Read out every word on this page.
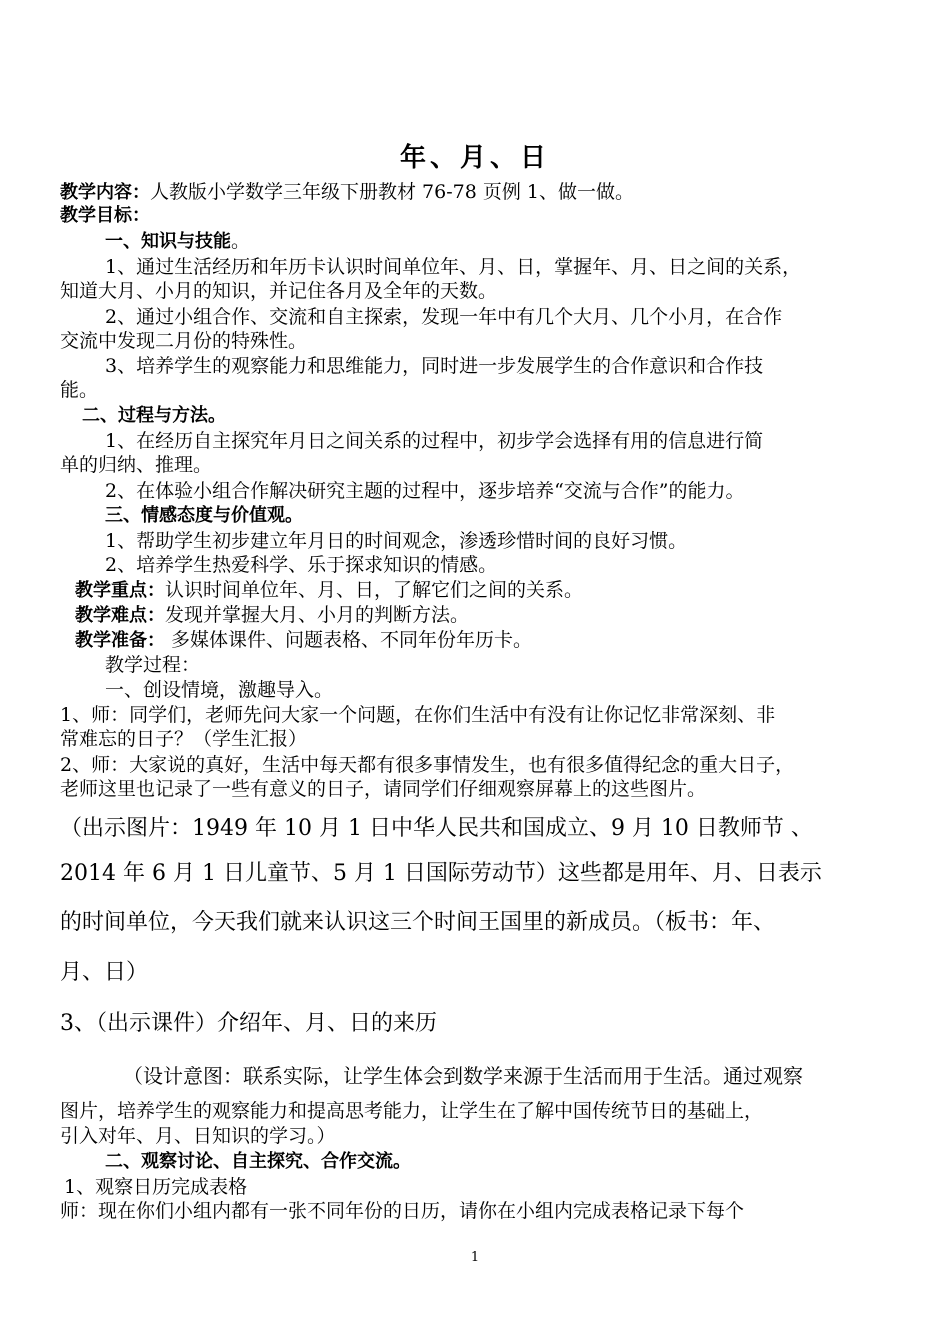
年、月、日
教学内容：人教版小学数学三年级下册教材 76-78 页例 1、做一做。
教学目标：
一、知识与技能。
1、通过生活经历和年历卡认识时间单位年、月、日，掌握年、月、日之间的关系，
知道大月、小月的知识，并记住各月及全年的天数。
2、通过小组合作、交流和自主探索，发现一年中有几个大月、几个小月，在合作
交流中发现二月份的特殊性。
3、培养学生的观察能力和思维能力，同时进一步发展学生的合作意识和合作技
能。
二、过程与方法。
1、在经历自主探究年月日之间关系的过程中，初步学会选择有用的信息进行简
单的归纳、推理。
2、在体验小组合作解决研究主题的过程中，逐步培养“交流与合作”的能力。
三、情感态度与价值观。
1、帮助学生初步建立年月日的时间观念，渗透珍惜时间的良好习惯。
2、培养学生热爱科学、乐于探求知识的情感。
教学重点：认识时间单位年、月、日，了解它们之间的关系。
教学难点：发现并掌握大月、小月的判断方法。
教学准备： 多媒体课件、问题表格、不同年份年历卡。
教学过程：
一、创设情境，激趣导入。
1、师：同学们，老师先问大家一个问题，在你们生活中有没有让你记忆非常深刻、非
常难忘的日子？（学生汇报）
2、师：大家说的真好，生活中每天都有很多事情发生，也有很多值得纪念的重大日子，
老师这里也记录了一些有意义的日子，请同学们仔细观察屏幕上的这些图片。
（出示图片：1949 年 10 月 1 日中华人民共和国成立、9 月 10 日教师节 、
2014 年 6 月 1 日儿童节、5 月 1 日国际劳动节）这些都是用年、月、日表示
的时间单位，今天我们就来认识这三个时间王国里的新成员。（板书：年、
月、日）
3、（出示课件）介绍年、月、日的来历
（设计意图：联系实际，让学生体会到数学来源于生活而用于生活。通过观察
图片，培养学生的观察能力和提高思考能力，让学生在了解中国传统节日的基础上，
引入对年、月、日知识的学习。）
二、观察讨论、自主探究、合作交流。
1、观察日历完成表格
师：现在你们小组内都有一张不同年份的日历，请你在小组内完成表格记录下每个
1
